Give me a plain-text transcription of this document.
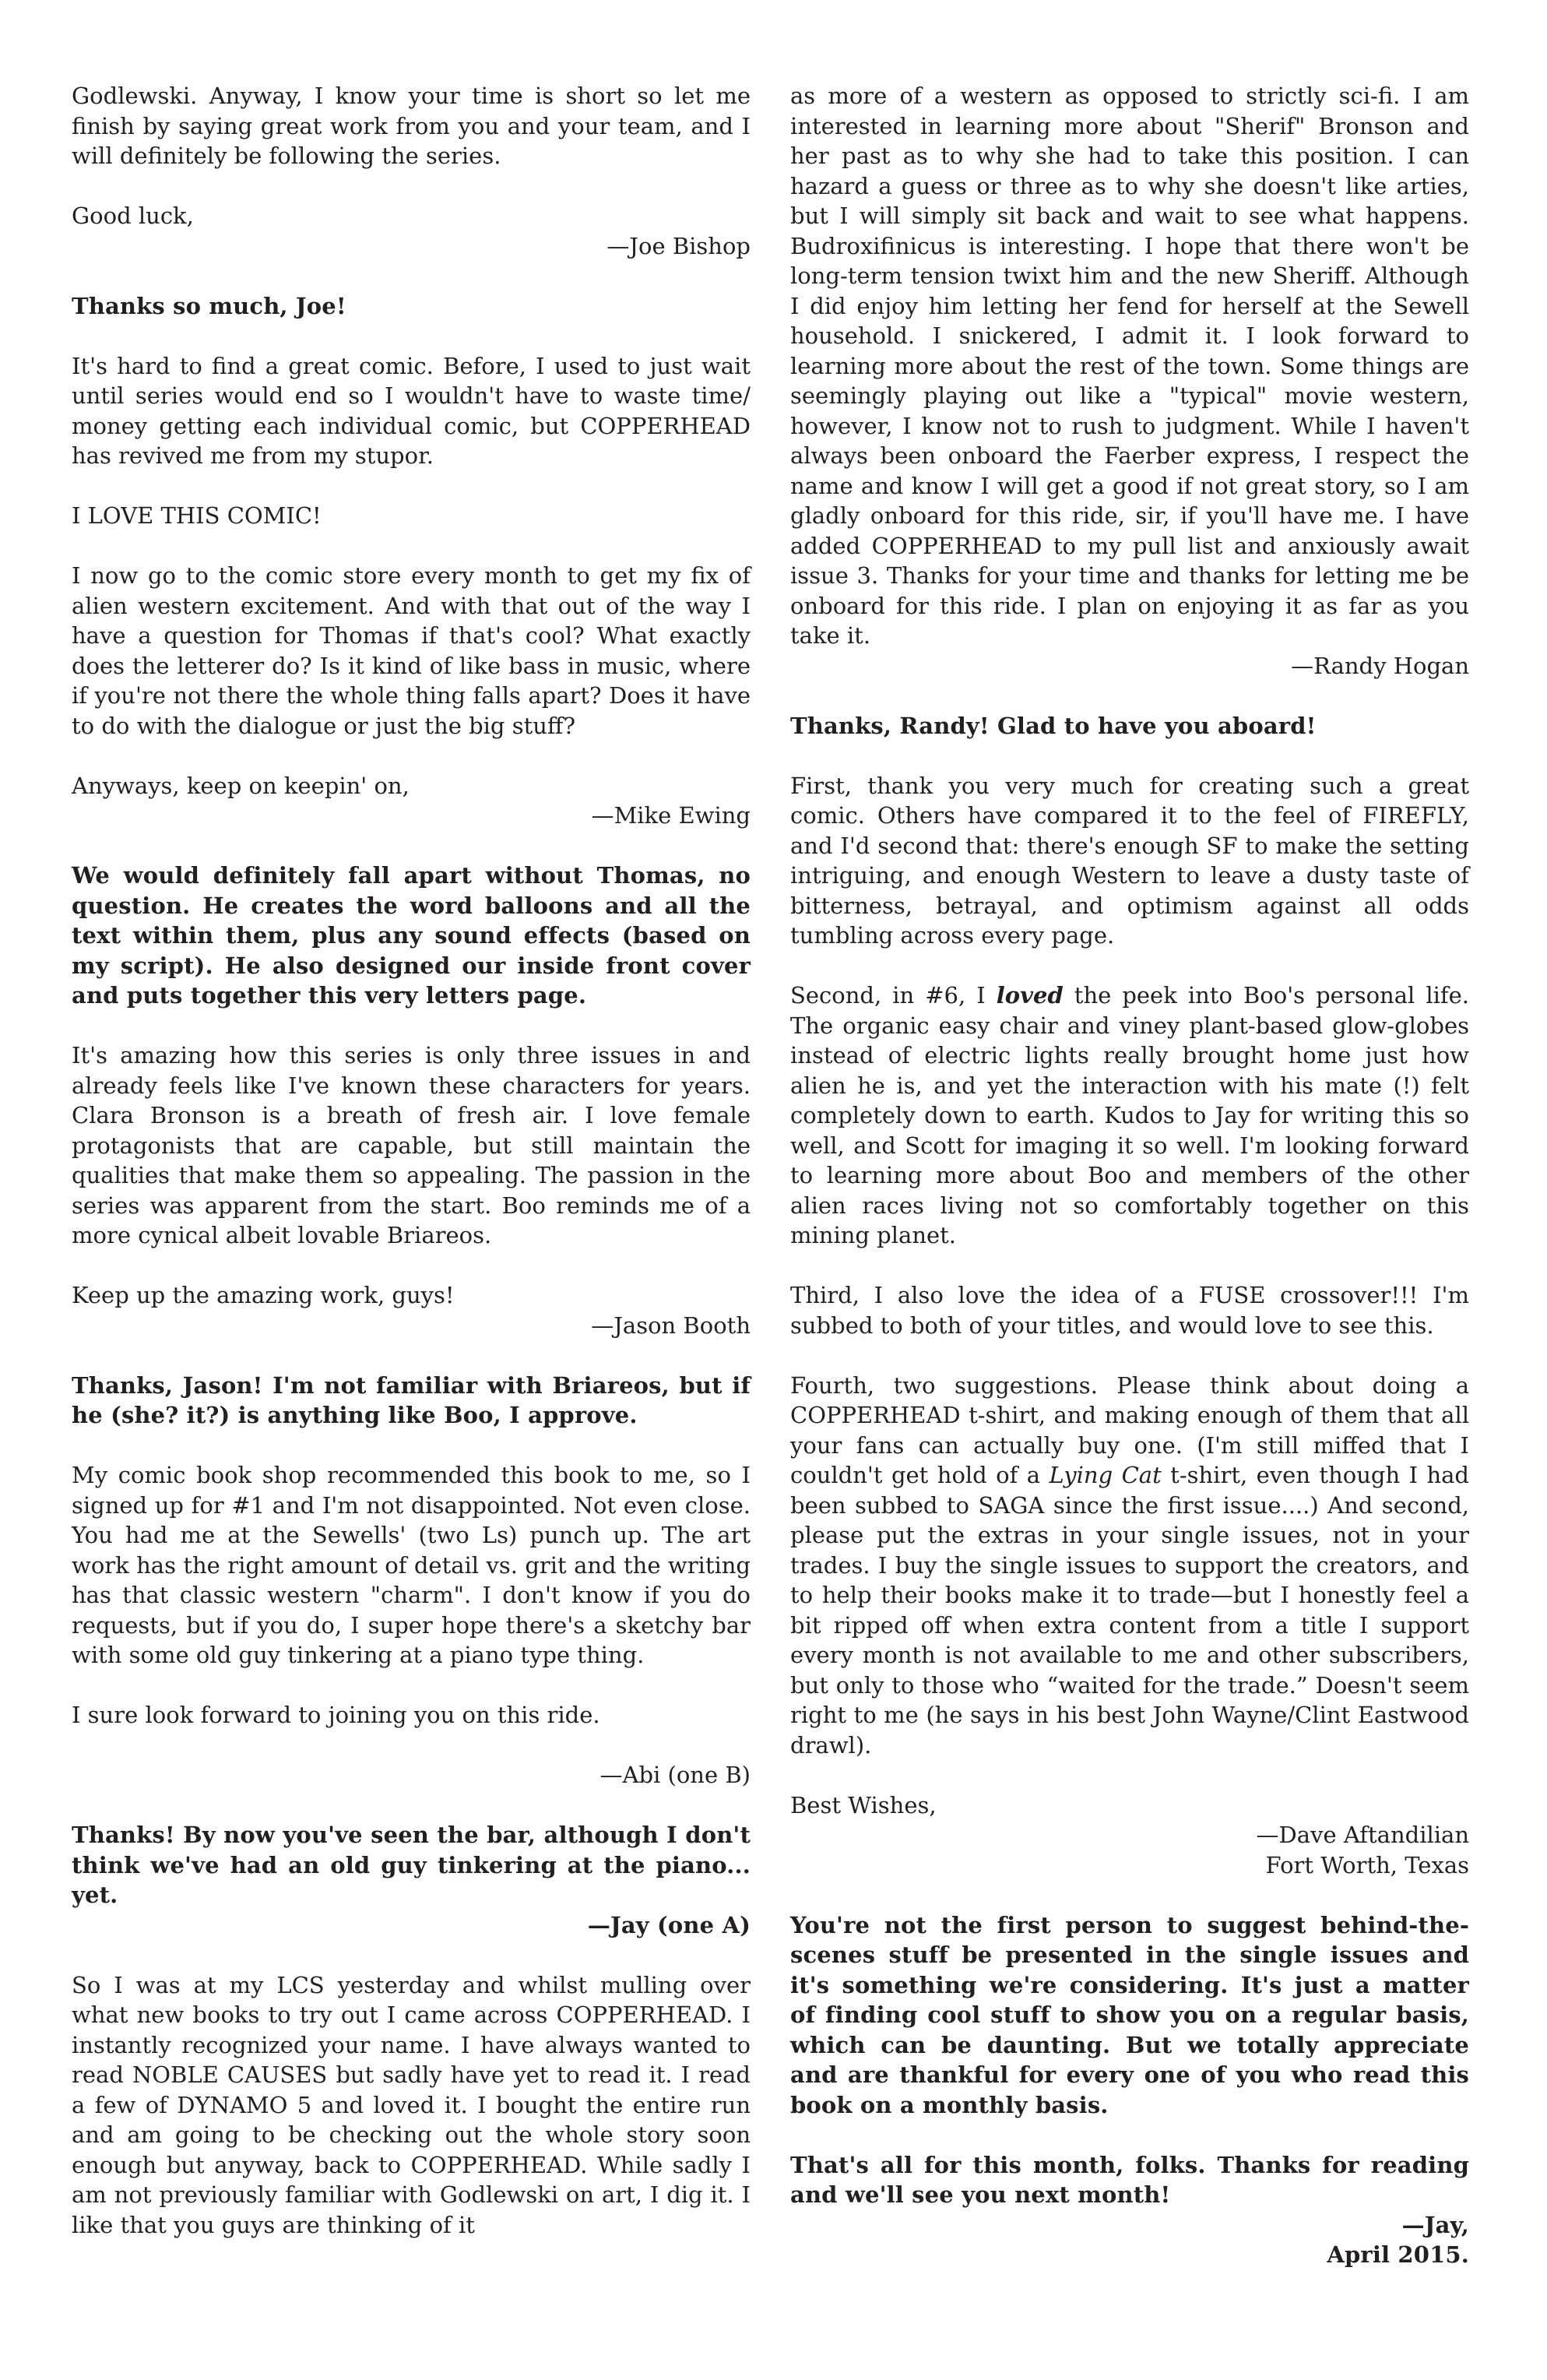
Godlewski. Anyway, I know your time is short so let me finish by saying great work from you and your team, and I will definitely be following the series.

Good luck,

—Joe Bishop

Thanks so much, Joe!

It's hard to find a great comic. Before, I used to just wait until series would end so I wouldn't have to waste time/ money getting each individual comic, but COPPERHEAD has revived me from my stupor.

I LOVE THIS COMIC!

I now go to the comic store every month to get my fix of alien western excitement. And with that out of the way I have a question for Thomas if that's cool? What exactly does the letterer do? Is it kind of like bass in music, where if you're not there the whole thing falls apart? Does it have to do with the dialogue or just the big stuff?

Anyways, keep on keepin' on,

—Mike Ewing

We would definitely fall apart without Thomas, no question. He creates the word balloons and all the text within them, plus any sound effects (based on my script). He also designed our inside front cover and puts together this very letters page.

It's amazing how this series is only three issues in and already feels like I've known these characters for years. Clara Bronson is a breath of fresh air. I love female protagonists that are capable, but still maintain the qualities that make them so appealing. The passion in the series was apparent from the start. Boo reminds me of a more cynical albeit lovable Briareos.

Keep up the amazing work, guys!

—Jason Booth

Thanks, Jason! I'm not familiar with Briareos, but if he (she? it?) is anything like Boo, I approve.

My comic book shop recommended this book to me, so I signed up for #1 and I'm not disappointed. Not even close. You had me at the Sewells' (two Ls) punch up. The art work has the right amount of detail vs. grit and the writing has that classic western "charm". I don't know if you do requests, but if you do, I super hope there's a sketchy bar with some old guy tinkering at a piano type thing.

I sure look forward to joining you on this ride.

—Abi (one B)

Thanks! By now you've seen the bar, although I don't think we've had an old guy tinkering at the piano... yet.

—Jay (one A)

So I was at my LCS yesterday and whilst mulling over what new books to try out I came across COPPERHEAD. I instantly recognized your name. I have always wanted to read NOBLE CAUSES but sadly have yet to read it. I read a few of DYNAMO 5 and loved it. I bought the entire run and am going to be checking out the whole story soon enough but anyway, back to COPPERHEAD. While sadly I am not previously familiar with Godlewski on art, I dig it. I like that you guys are thinking of it

as more of a western as opposed to strictly sci-fi. I am interested in learning more about "Sherif" Bronson and her past as to why she had to take this position. I can hazard a guess or three as to why she doesn't like arties, but I will simply sit back and wait to see what happens. Budroxifinicus is interesting. I hope that there won't be long-term tension twixt him and the new Sheriff. Although I did enjoy him letting her fend for herself at the Sewell household. I snickered, I admit it. I look forward to learning more about the rest of the town. Some things are seemingly playing out like a "typical" movie western, however, I know not to rush to judgment. While I haven't always been onboard the Faerber express, I respect the name and know I will get a good if not great story, so I am gladly onboard for this ride, sir, if you'll have me. I have added COPPERHEAD to my pull list and anxiously await issue 3. Thanks for your time and thanks for letting me be onboard for this ride. I plan on enjoying it as far as you take it.

—Randy Hogan

Thanks, Randy! Glad to have you aboard!

First, thank you very much for creating such a great comic. Others have compared it to the feel of FIREFLY, and I'd second that: there's enough SF to make the setting intriguing, and enough Western to leave a dusty taste of bitterness, betrayal, and optimism against all odds tumbling across every page.

Second, in #6, I loved the peek into Boo's personal life. The organic easy chair and viney plant-based glow-globes instead of electric lights really brought home just how alien he is, and yet the interaction with his mate (!) felt completely down to earth. Kudos to Jay for writing this so well, and Scott for imaging it so well. I'm looking forward to learning more about Boo and members of the other alien races living not so comfortably together on this mining planet.

Third, I also love the idea of a FUSE crossover!!! I'm subbed to both of your titles, and would love to see this.

Fourth, two suggestions. Please think about doing a COPPERHEAD t-shirt, and making enough of them that all your fans can actually buy one. (I'm still miffed that I couldn't get hold of a Lying Cat t-shirt, even though I had been subbed to SAGA since the first issue....) And second, please put the extras in your single issues, not in your trades. I buy the single issues to support the creators, and to help their books make it to trade—but I honestly feel a bit ripped off when extra content from a title I support every month is not available to me and other subscribers, but only to those who “waited for the trade.” Doesn't seem right to me (he says in his best John Wayne/Clint Eastwood drawl).

Best Wishes,

—Dave Aftandilian

Fort Worth, Texas

You're not the first person to suggest behind-the-scenes stuff be presented in the single issues and it's something we're considering. It's just a matter of finding cool stuff to show you on a regular basis, which can be daunting. But we totally appreciate and are thankful for every one of you who read this book on a monthly basis.

That's all for this month, folks. Thanks for reading and we'll see you next month!

—Jay,

April 2015.
